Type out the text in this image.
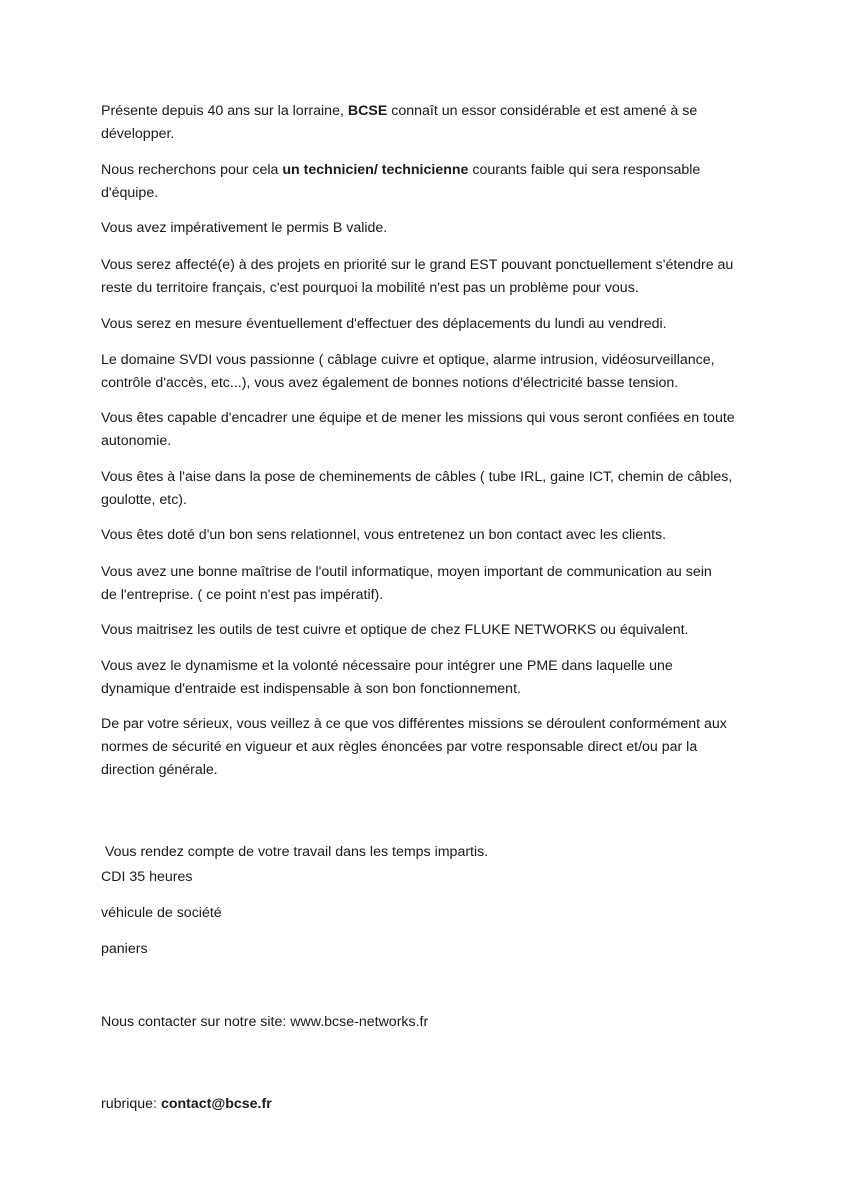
Présente depuis 40 ans sur la lorraine, BCSE connaît un essor considérable et est amené à se
développer.

Nous recherchons pour cela un technicien/ technicienne courants faible qui sera responsable
d'équipe.

Vous avez impérativement le permis B valide.

Vous serez affecté(e) à des projets en priorité sur le grand EST pouvant ponctuellement s'étendre au
reste du territoire français, c'est pourquoi la mobilité n'est pas un problème pour vous.

Vous serez en mesure éventuellement d'effectuer des déplacements du lundi au vendredi.

Le domaine SVDI vous passionne ( câblage cuivre et optique, alarme intrusion, vidéosurveillance,
contrôle d'accès, etc...), vous avez également de bonnes notions d'électricité basse tension.

Vous êtes capable d'encadrer une équipe et de mener les missions qui vous seront confiées en toute
autonomie.

Vous êtes à l'aise dans la pose de cheminements de câbles ( tube IRL, gaine ICT, chemin de câbles,
goulotte, etc).

Vous êtes doté d'un bon sens relationnel, vous entretenez un bon contact avec les clients.

Vous avez une bonne maîtrise de l'outil informatique, moyen important de communication au sein
de l'entreprise. ( ce point n'est pas impératif).

Vous maitrisez les outils de test cuivre et optique de chez FLUKE NETWORKS ou équivalent.

Vous avez le dynamisme et la volonté nécessaire pour intégrer une PME dans laquelle une
dynamique d'entraide est indispensable à son bon fonctionnement.

De par votre sérieux, vous veillez à ce que vos différentes missions se déroulent conformément aux
normes de sécurité en vigueur et aux règles énoncées par votre responsable direct et/ou par la
direction générale.

Vous rendez compte de votre travail dans les temps impartis.

CDI 35 heures

véhicule de société

paniers

Nous contacter sur notre site: www.bcse-networks.fr

rubrique: contact@bcse.fr
